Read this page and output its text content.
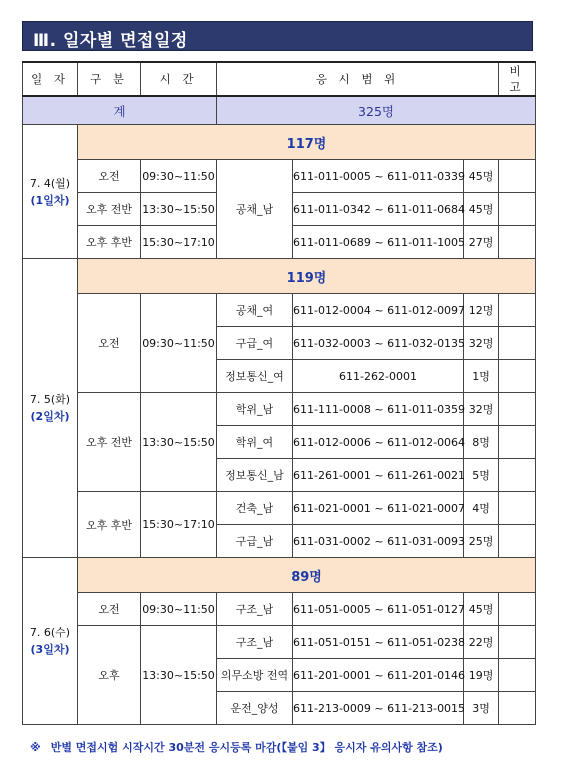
Ⅲ. 일자별 면접일정
일 자	구 분	시 간	응 시 범 위			비 고
계			325명			

7. 4(월)
(1일차)	117명					
	오전	09:30~11:50	공채_남	611-011-0005 ~ 611-011-0339	45명	
	오후 전반	13:30~15:50		611-011-0342 ~ 611-011-0684	45명	
	오후 후반	15:30~17:10		611-011-0689 ~ 611-011-1005	27명	

7. 5(화)
(2일차)	119명					
	오전	09:30~11:50	공채_여	611-012-0004 ~ 611-012-0097	12명	
			구급_여	611-032-0003 ~ 611-032-0135	32명	
			정보통신_여	611-262-0001	1명	
	오후 전반	13:30~15:50	학위_남	611-111-0008 ~ 611-011-0359	32명	
			학위_여	611-012-0006 ~ 611-012-0064	8명	
			정보통신_남	611-261-0001 ~ 611-261-0021	5명	
	오후 후반	15:30~17:10	건축_남	611-021-0001 ~ 611-021-0007	4명	
			구급_남	611-031-0002 ~ 611-031-0093	25명	

7. 6(수)
(3일차)	89명					
	오전	09:30~11:50	구조_남	611-051-0005 ~ 611-051-0127	45명	
	오후	13:30~15:50	구조_남	611-051-0151 ~ 611-051-0238	22명	
			의무소방 전역	611-201-0001 ~ 611-201-0146	19명	
			운전_양성	611-213-0009 ~ 611-213-0015	3명	
※ 반별 면접시험 시작시간 30분전 응시등록 마감(【붙임 3】 응시자 유의사항 참조)
